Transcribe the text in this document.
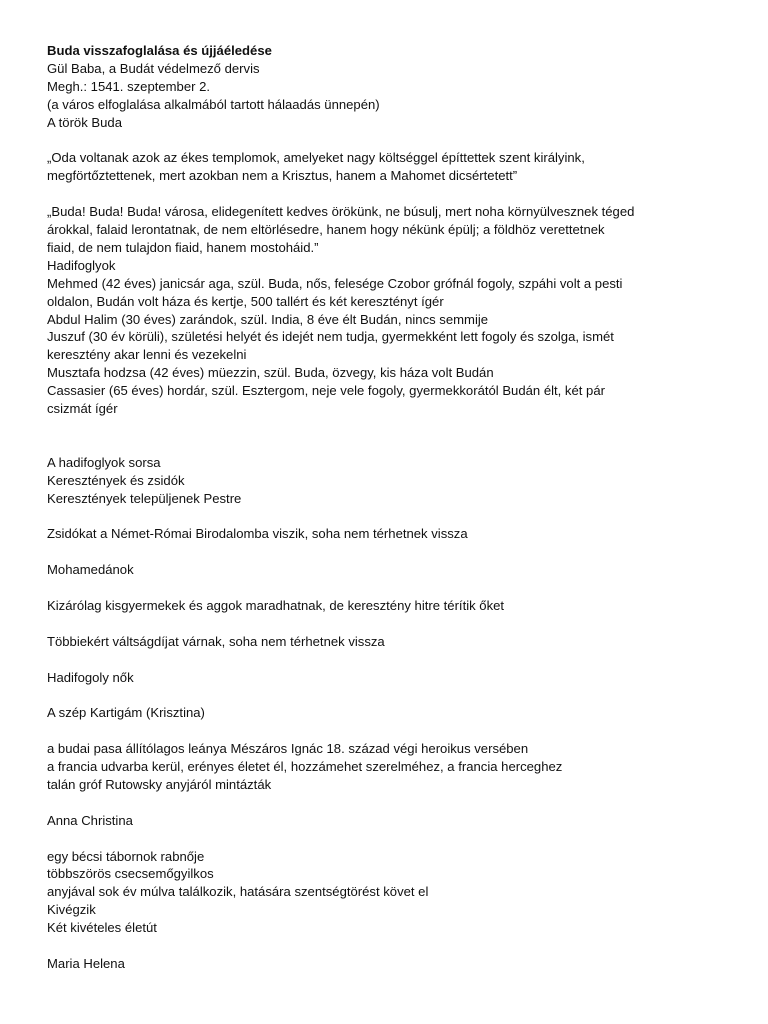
Buda visszafoglalása és újjáéledése
Gül Baba, a Budát védelmező dervis
Megh.: 1541. szeptember 2.
(a város elfoglalása alkalmából tartott hálaadás ünnepén)
A török Buda
„Oda voltanak azok az ékes templomok, amelyeket nagy költséggel építtettek szent királyink,
megförtőztettenek, mert azokban nem a Krisztus, hanem a Mahomet dicsértetett”
„Buda! Buda! Buda! városa, elidegenített kedves örökünk, ne búsulj, mert noha környülvesznek téged
árokkal, falaid lerontatnak, de nem eltörlésedre, hanem hogy nékünk épülj; a földhöz verettetnek
fiaid, de nem tulajdon fiaid, hanem mostoháid.”
Hadifoglyok
Mehmed (42 éves) janicsár aga, szül. Buda, nős, felesége Czobor grófnál fogoly, szpáhi volt a pesti
oldalon, Budán volt háza és kertje, 500 tallért és két keresztényt ígér
Abdul Halim (30 éves) zarándok, szül. India, 8 éve élt Budán, nincs semmije
Juszuf (30 év körüli), születési helyét és idejét nem tudja, gyermekként lett fogoly és szolga, ismét
keresztény akar lenni és vezekelni
Musztafa hodzsa (42 éves) müezzin, szül. Buda, özvegy, kis háza volt Budán
Cassasier (65 éves) hordár, szül. Esztergom, neje vele fogoly, gyermekkorától Budán élt, két pár
csizmát ígér
A hadifoglyok sorsa
Keresztények és zsidók
Keresztények települjenek Pestre
Zsidókat a Német-Római Birodalomba viszik, soha nem térhetnek vissza
Mohamedánok
Kizárólag kisgyermekek és aggok maradhatnak, de keresztény hitre térítik őket
Többiekért váltságdíjat várnak, soha nem térhetnek vissza
Hadifogoly nők
A szép Kartigám (Krisztina)
a budai pasa állítólagos leánya Mészáros Ignác 18. század végi heroikus versében
a francia udvarba kerül, erényes életet él, hozzámehet szerelméhez, a francia herceghez
talán gróf Rutowsky anyjáról mintázták
Anna Christina
egy bécsi tábornok rabnője
többszörös csecsemőgyilkos
anyjával sok év múlva találkozik, hatására szentségtörést követ el
Kivégzik
Két kivételes életút
Maria Helena
